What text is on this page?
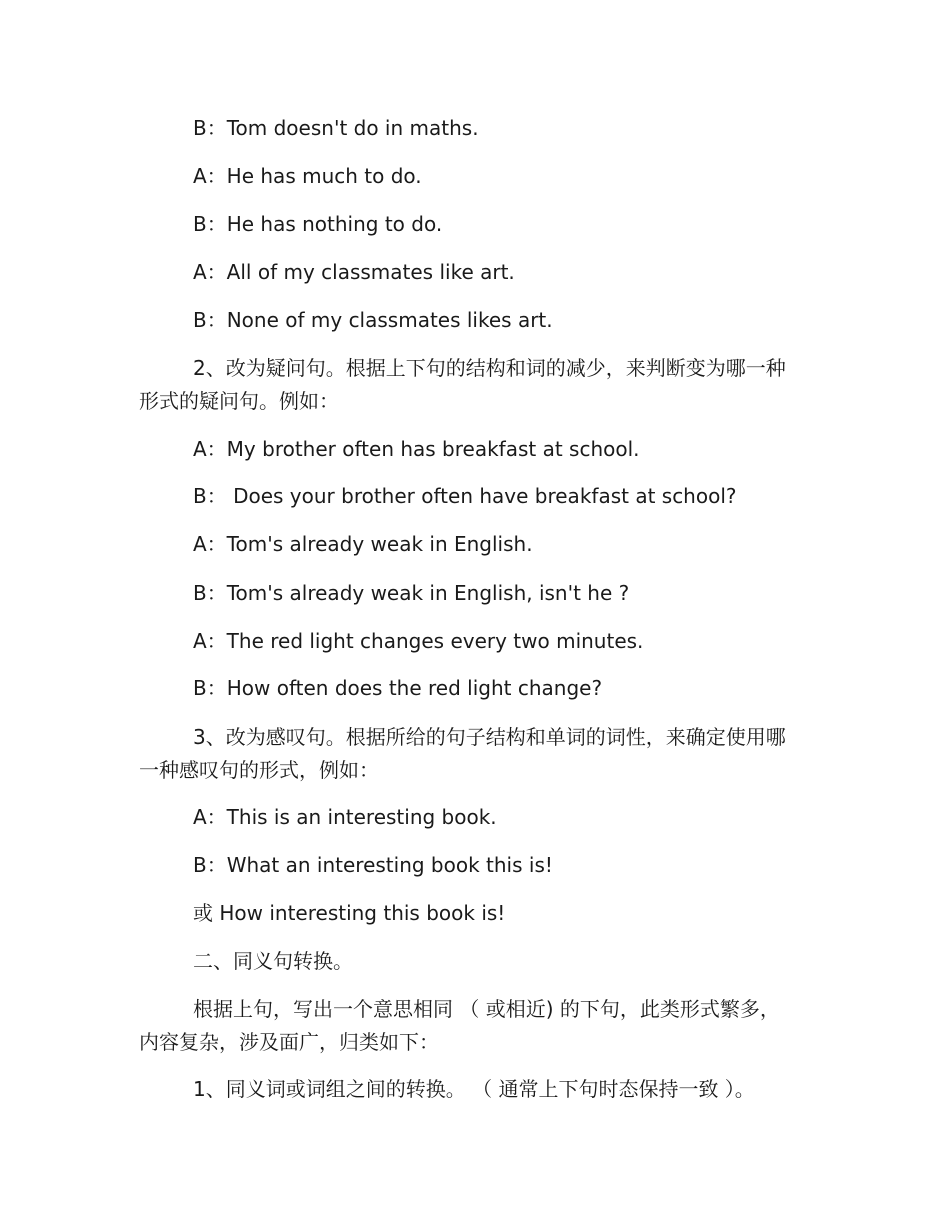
B：Tom doesn't do in maths.
A：He has much to do.
B：He has nothing to do.
A：All of my classmates like art.
B：None of my classmates likes art.
2、改为疑问句。根据上下句的结构和词的减少，来判断变为哪一种形式的疑问句。例如：
A：My brother often has breakfast at school.
B： Does your brother often have breakfast at school?
A：Tom's already weak in English.
B：Tom's already weak in English, isn't he ?
A：The red light changes every two minutes.
B：How often does the red light change?
3、改为感叹句。根据所给的句子结构和单词的词性，来确定使用哪一种感叹句的形式，例如：
A：This is an interesting book.
B：What an interesting book this is!
或 How interesting this book is!
二、同义句转换。
根据上句，写出一个意思相同 （ 或相近) 的下句，此类形式繁多，内容复杂，涉及面广，归类如下：
1、同义词或词组之间的转换。 （ 通常上下句时态保持一致 ）。
